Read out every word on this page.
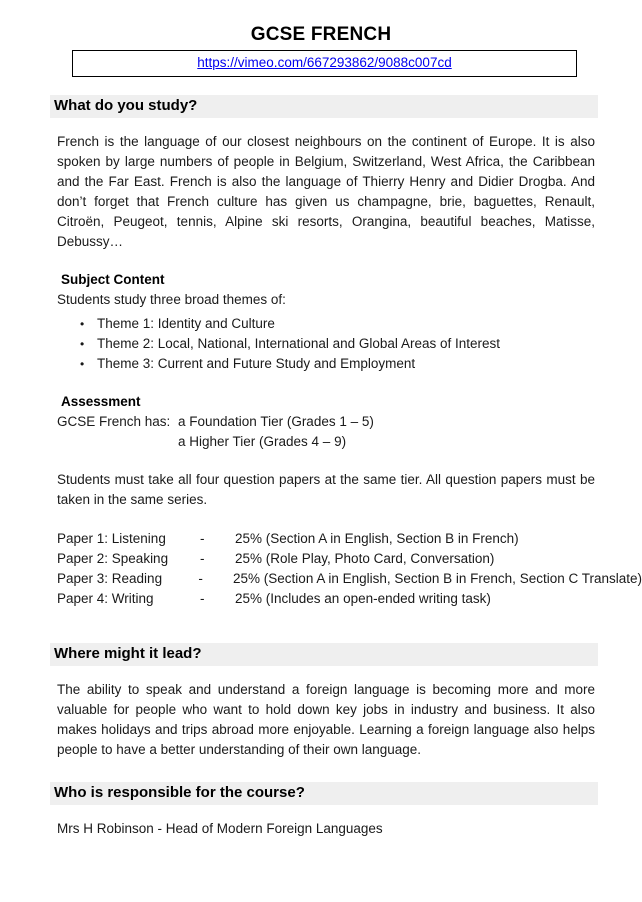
GCSE FRENCH
https://vimeo.com/667293862/9088c007cd
What do you study?

French is the language of our closest neighbours on the continent of Europe. It is also spoken by large numbers of people in Belgium, Switzerland, West Africa, the Caribbean and the Far East. French is also the language of Thierry Henry and Didier Drogba. And don’t forget that French culture has given us champagne, brie, baguettes, Renault, Citroën, Peugeot, tennis, Alpine ski resorts, Orangina, beautiful beaches, Matisse, Debussy…

Subject Content

Students study three broad themes of:

• Theme 1: Identity and Culture
• Theme 2: Local, National, International and Global Areas of Interest
• Theme 3: Current and Future Study and Employment
Assessment
GCSE French has: a Foundation Tier (Grades 1 – 5)
a Higher Tier (Grades 4 – 9)

Students must take all four question papers at the same tier. All question papers must be taken in the same series.

Paper 1: Listening	-	25% (Section A in English, Section B in French)
Paper 2: Speaking	-	25% (Role Play, Photo Card, Conversation)
Paper 3: Reading	-	25% (Section A in English, Section B in French, Section C Translate)
Paper 4: Writing	-	25% (Includes an open-ended writing task)
Where might it lead?

The ability to speak and understand a foreign language is becoming more and more valuable for people who want to hold down key jobs in industry and business. It also makes holidays and trips abroad more enjoyable. Learning a foreign language also helps people to have a better understanding of their own language.

Who is responsible for the course?

Mrs H Robinson - Head of Modern Foreign Languages
